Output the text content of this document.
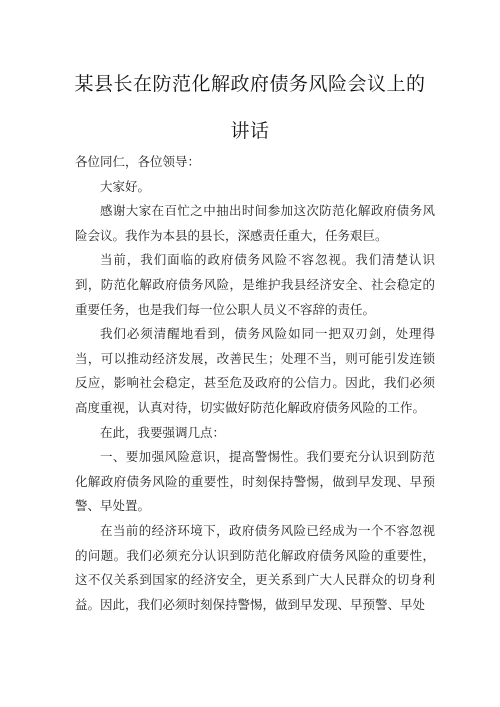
某县长在防范化解政府债务风险会议上的
讲话

各位同仁，各位领导：

大家好。

感谢大家在百忙之中抽出时间参加这次防范化解政府债务风险会议。我作为本县的县长，深感责任重大，任务艰巨。

当前，我们面临的政府债务风险不容忽视。我们清楚认识到，防范化解政府债务风险，是维护我县经济安全、社会稳定的重要任务，也是我们每一位公职人员义不容辞的责任。

我们必须清醒地看到，债务风险如同一把双刃剑，处理得当，可以推动经济发展，改善民生；处理不当，则可能引发连锁反应，影响社会稳定，甚至危及政府的公信力。因此，我们必须高度重视，认真对待，切实做好防范化解政府债务风险的工作。

在此，我要强调几点：

一、要加强风险意识，提高警惕性。我们要充分认识到防范化解政府债务风险的重要性，时刻保持警惕，做到早发现、早预警、早处置。

在当前的经济环境下，政府债务风险已经成为一个不容忽视的问题。我们必须充分认识到防范化解政府债务风险的重要性，这不仅关系到国家的经济安全，更关系到广大人民群众的切身利益。因此，我们必须时刻保持警惕，做到早发现、早预警、早处
